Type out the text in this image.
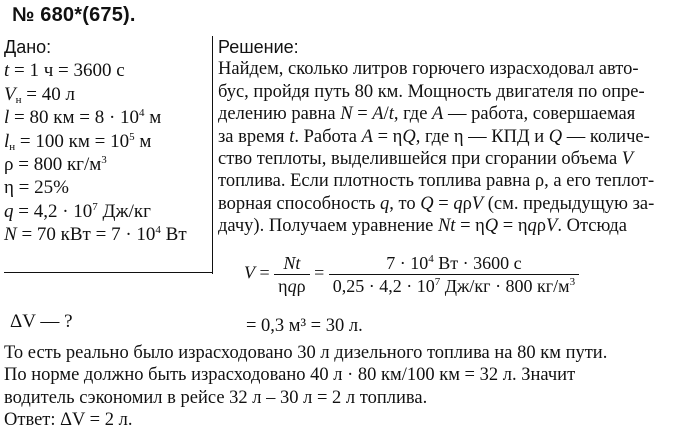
№ 680*(675).
Дано:
t = 1 ч = 3600 с
$V_н = 40$ л
l = 80 км = $8 \cdot 10^4$ м
$l_н = 100$ км = $10^5$ м
ρ = 800 $кг/м^3$
η = 25%
$q = 4,2 \cdot 10^7$ Дж/кг
N = 70 кВт = $7 \cdot 10^4$ Вт
ΔV — ?
Решение:
Найдем, сколько литров горючего израсходовал авто-
бус, пройдя путь 80 км. Мощность двигателя по опре-
делению равна N = A/t, где A — работа, совершаемая
за время t. Работа A = ηQ, где η — КПД и Q — количе-
ство теплоты, выделившейся при сгорании объема V
топлива. Если плотность топлива равна ρ, а его теплот-
ворная способность q, то Q = qρV (см. предыдущую за-
дачу). Получаем уравнение Nt = ηQ = ηqρV. Отсюда
$V = \frac{Nt}{\text{ηqρ}} = \frac{7 \cdot 10^4 Вт \cdot 3600 с}{0,25 \cdot 4,2 \cdot 10^7 Дж/кг \cdot 800 кг/м^3}$
= 0,3 м³ = 30 л.
То есть реально было израсходовано 30 л дизельного топлива на 80 км пути.
По норме должно быть израсходовано 40 л · 80 км/100 км = 32 л. Значит
водитель сэкономил в рейсе 32 л – 30 л = 2 л топлива.
Ответ: ΔV = 2 л.
